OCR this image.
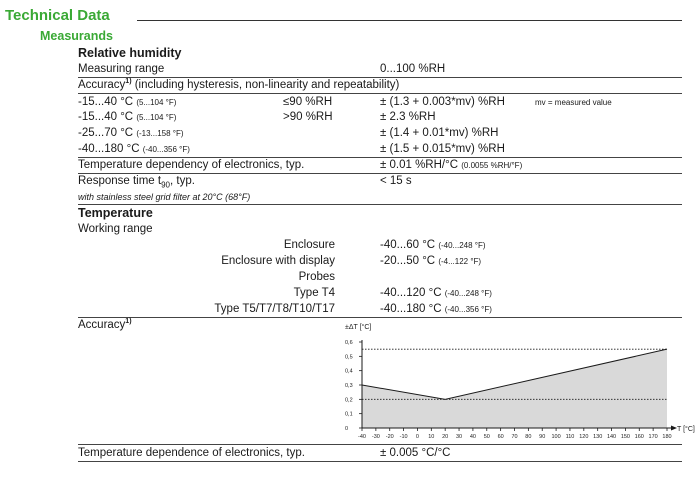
Technical Data
Measurands
Relative humidity
Measuring range	0...100 %RH
Accuracy$^{1)}$ (including hysteresis, non-linearity and repeatability)
-15...40 °C (5...104 °F)	≤90 %RH	± (1.3 + 0.003*mv) %RH	mv = measured value
-15...40 °C (5...104 °F)	>90 %RH	± 2.3 %RH
-25...70 °C (-13...158 °F)	± (1.4 + 0.01*mv) %RH
-40...180 °C (-40...356 °F)	± (1.5 + 0.015*mv) %RH
Temperature dependency of electronics, typ.	± 0.01 %RH/°C (0.0055 %RH/°F)
Response time $t_{90}$, typ.	< 15 s
with stainless steel grid filter at 20°C (68°F)
Temperature
Working range
Enclosure	-40...60 °C (-40...248 °F)
Enclosure with display	-20...50 °C (-4...122 °F)
Probes
Type T4	-40...120 °C (-40...248 °F)
Type T5/T7/T8/T10/T17	-40...180 °C (-40...356 °F)
Accuracy$^{1)}$
±ΔT [°C]
T [°C]
0
0,1
0,2
0,3
0,4
0,5
0,6
-40 -30 -20 -10 0 10 20 30 40 50 60 70 80 90 100 110 120 130 140 150 160 170 180
Temperature dependence of electronics, typ.	± 0.005 °C/°C
